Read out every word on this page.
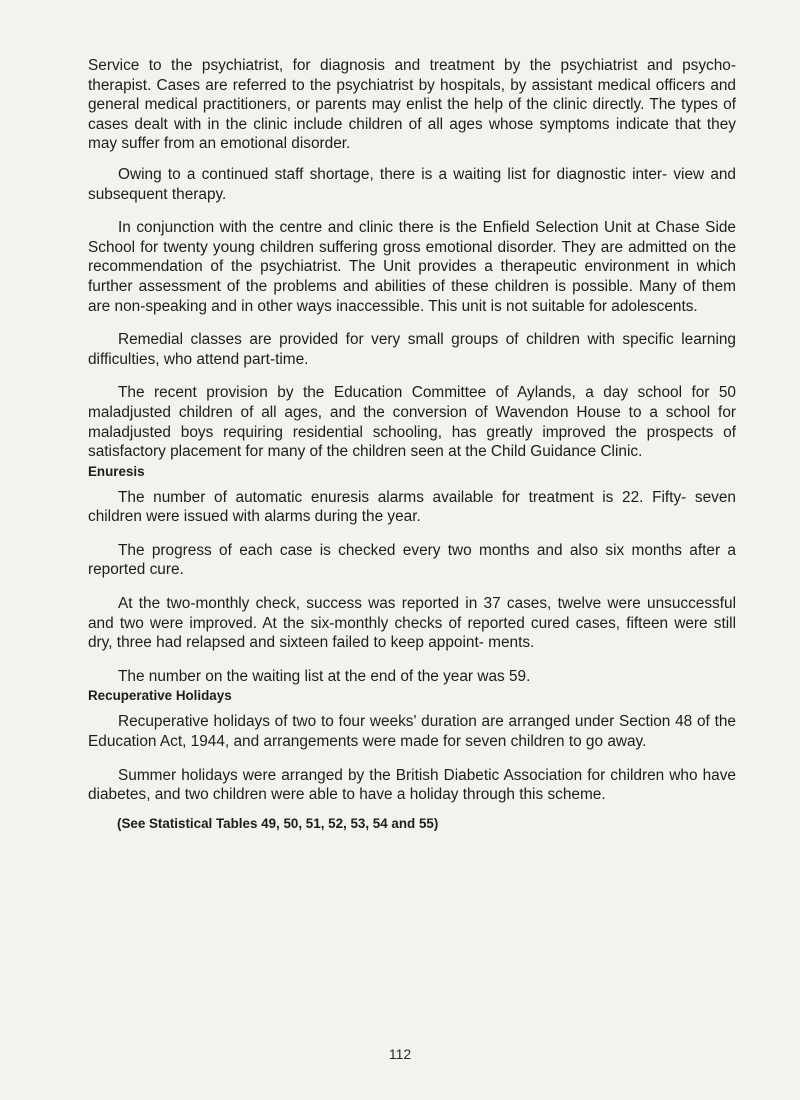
Service to the psychiatrist, for diagnosis and treatment by the psychiatrist and psycho- therapist. Cases are referred to the psychiatrist by hospitals, by assistant medical officers and general medical practitioners, or parents may enlist the help of the clinic directly. The types of cases dealt with in the clinic include children of all ages whose symptoms indicate that they may suffer from an emotional disorder.

Owing to a continued staff shortage, there is a waiting list for diagnostic inter- view and subsequent therapy.

In conjunction with the centre and clinic there is the Enfield Selection Unit at Chase Side School for twenty young children suffering gross emotional disorder. They are admitted on the recommendation of the psychiatrist. The Unit provides a therapeutic environment in which further assessment of the problems and abilities of these children is possible. Many of them are non-speaking and in other ways inaccessible. This unit is not suitable for adolescents.

Remedial classes are provided for very small groups of children with specific learning difficulties, who attend part-time.

The recent provision by the Education Committee of Aylands, a day school for 50 maladjusted children of all ages, and the conversion of Wavendon House to a school for maladjusted boys requiring residential schooling, has greatly improved the prospects of satisfactory placement for many of the children seen at the Child Guidance Clinic.

Enuresis

The number of automatic enuresis alarms available for treatment is 22. Fifty- seven children were issued with alarms during the year.

The progress of each case is checked every two months and also six months after a reported cure.

At the two-monthly check, success was reported in 37 cases, twelve were unsuccessful and two were improved. At the six-monthly checks of reported cured cases, fifteen were still dry, three had relapsed and sixteen failed to keep appoint- ments.

The number on the waiting list at the end of the year was 59.

Recuperative Holidays

Recuperative holidays of two to four weeks' duration are arranged under Section 48 of the Education Act, 1944, and arrangements were made for seven children to go away.

Summer holidays were arranged by the British Diabetic Association for children who have diabetes, and two children were able to have a holiday through this scheme.

(See Statistical Tables 49, 50, 51, 52, 53, 54 and 55)

112
